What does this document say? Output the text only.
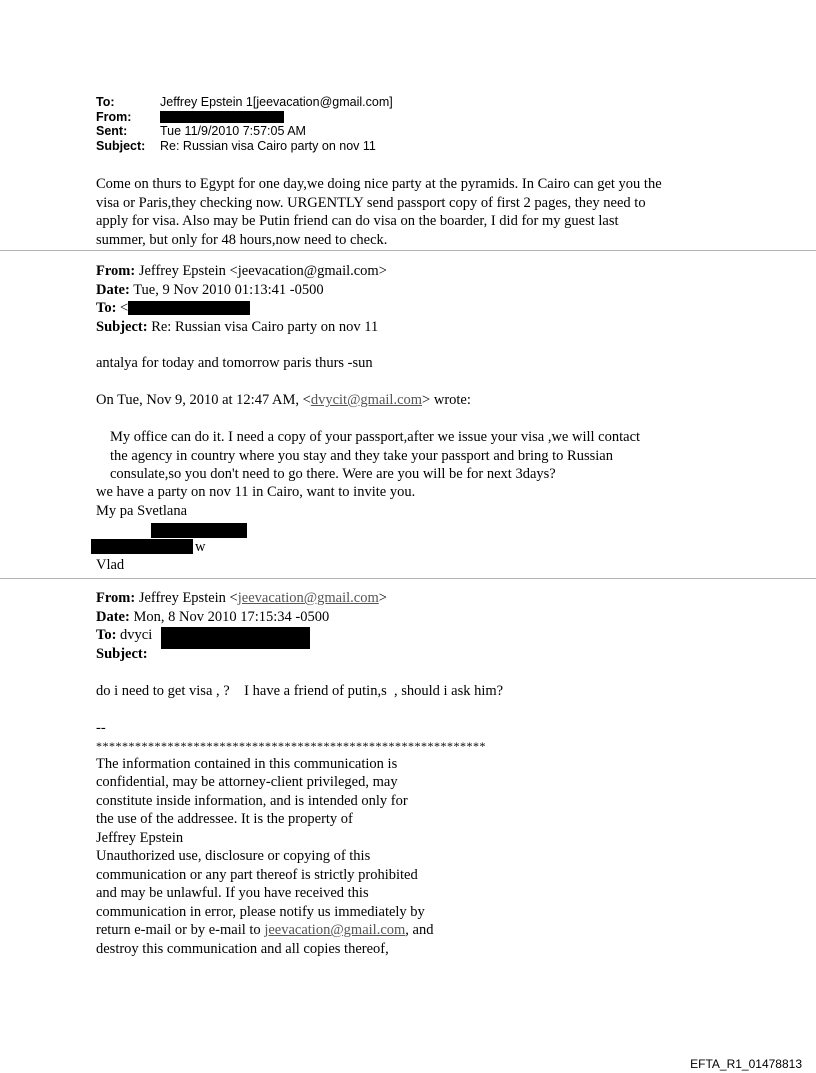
To:	Jeffrey Epstein 1[jeevacation@gmail.com]
From:
Sent:	Tue 11/9/2010 7:57:05 AM
Subject: Re: Russian visa Cairo party on nov 11
Come on thurs to Egypt for one day,we doing nice party at the pyramids. In Cairo can get you the
visa or Paris,they checking now. URGENTLY send passport copy of first 2 pages, they need to
apply for visa. Also may be Putin friend can do visa on the boarder, I did for my guest last
summer, but only for 48 hours,now need to check.
From: Jeffrey Epstein <jeevacation@gmail.com>
Date: Tue, 9 Nov 2010 01:13:41 -0500
To: <
Subject: Re: Russian visa Cairo party on nov 11
antalya for today and tomorrow paris thurs -sun
On Tue, Nov 9, 2010 at 12:47 AM, <dvycit@gmail.com> wrote:
My office can do it. I need a copy of your passport,after we issue your visa ,we will contact
the agency in country where you stay and they take your passport and bring to Russian
consulate,so you don't need to go there. Were are you will be for next 3days?
we have a party on nov 11 in Cairo, want to invite you.
My pa Svetlana
w
Vlad
From: Jeffrey Epstein <jeevacation@gmail.com>
Date: Mon, 8 Nov 2010 17:15:34 -0500
To: dvyci
Subject:
do i need to get visa , ?    I have a friend of putin,s  , should i ask him?
--
************************************************************
The information contained in this communication is
confidential, may be attorney-client privileged, may
constitute inside information, and is intended only for
the use of the addressee. It is the property of
Jeffrey Epstein
Unauthorized use, disclosure or copying of this
communication or any part thereof is strictly prohibited
and may be unlawful. If you have received this
communication in error, please notify us immediately by
return e-mail or by e-mail to jeevacation@gmail.com, and
destroy this communication and all copies thereof,
EFTA_R1_01478813
